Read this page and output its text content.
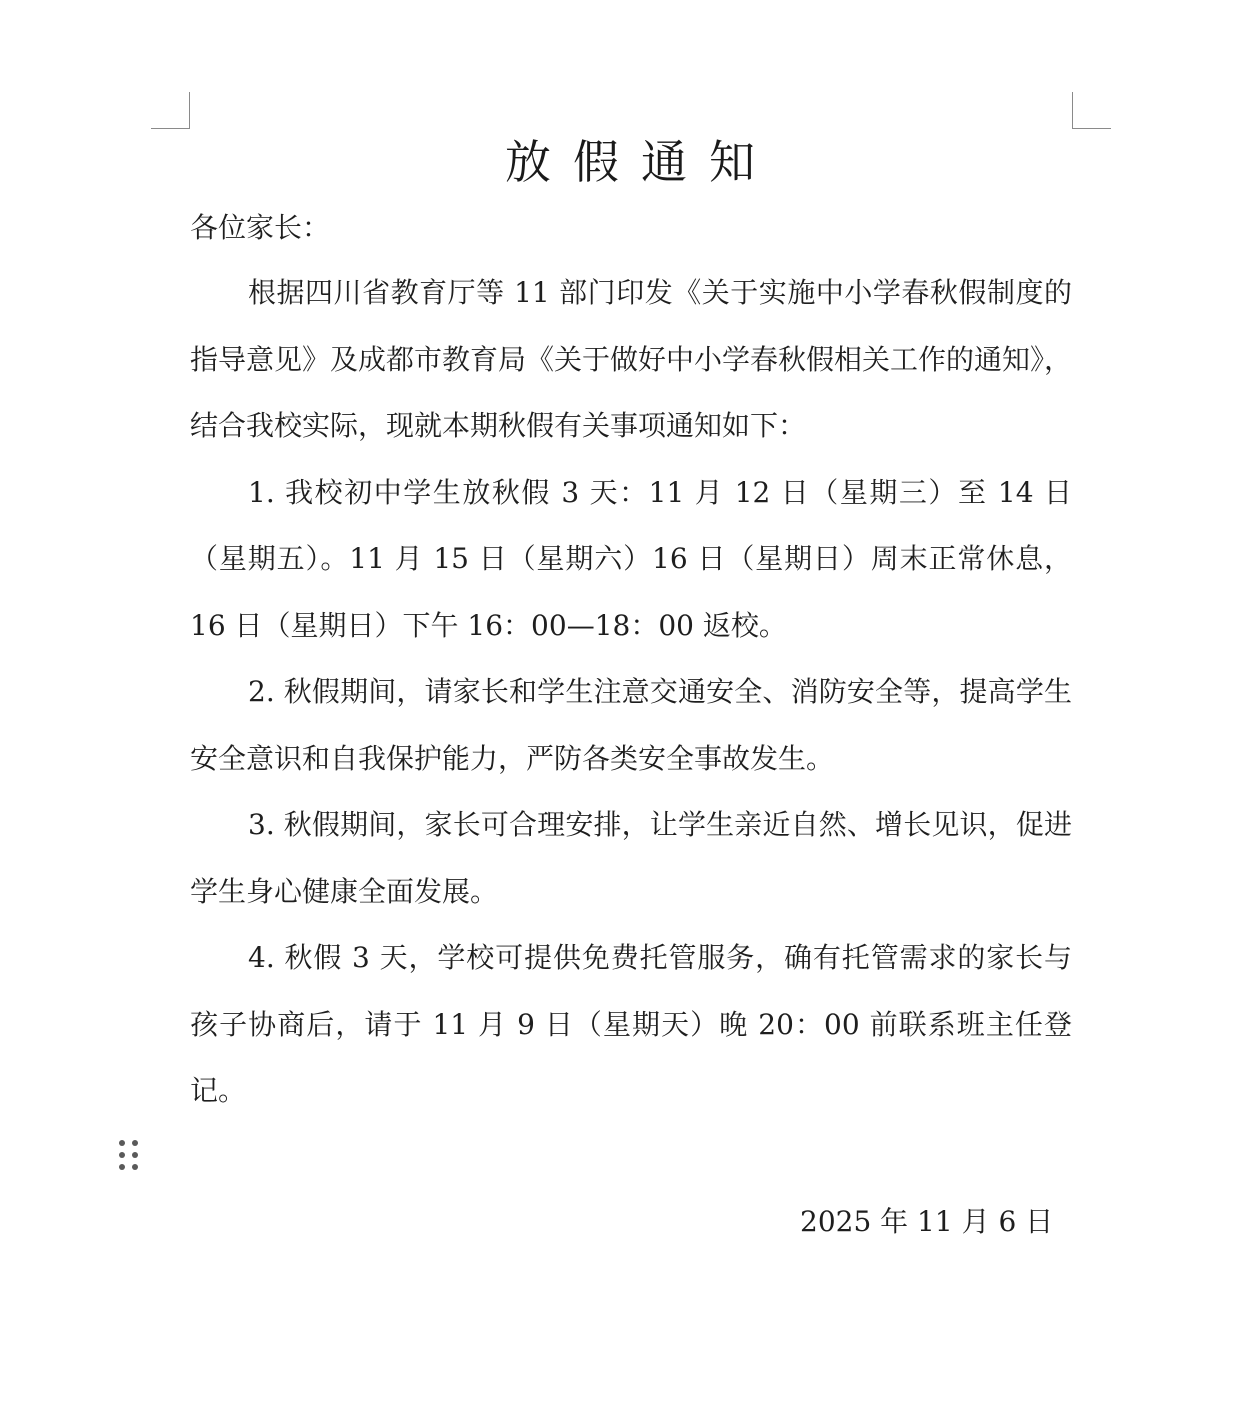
放假通知
各位家长：

根据四川省教育厅等 11 部门印发《关于实施中小学春秋假制度的指导意见》及成都市教育局《关于做好中小学春秋假相关工作的通知》，结合我校实际，现就本期秋假有关事项通知如下：

1. 我校初中学生放秋假 3 天：11 月 12 日（星期三）至 14 日（星期五）。11 月 15 日（星期六）16 日（星期日）周末正常休息，16 日（星期日）下午 16：00—18：00 返校。

2. 秋假期间，请家长和学生注意交通安全、消防安全等，提高学生安全意识和自我保护能力，严防各类安全事故发生。

3. 秋假期间，家长可合理安排，让学生亲近自然、增长见识，促进学生身心健康全面发展。

4. 秋假 3 天，学校可提供免费托管服务，确有托管需求的家长与孩子协商后，请于 11 月 9 日（星期天）晚 20：00 前联系班主任登记。

2025 年 11 月 6 日
